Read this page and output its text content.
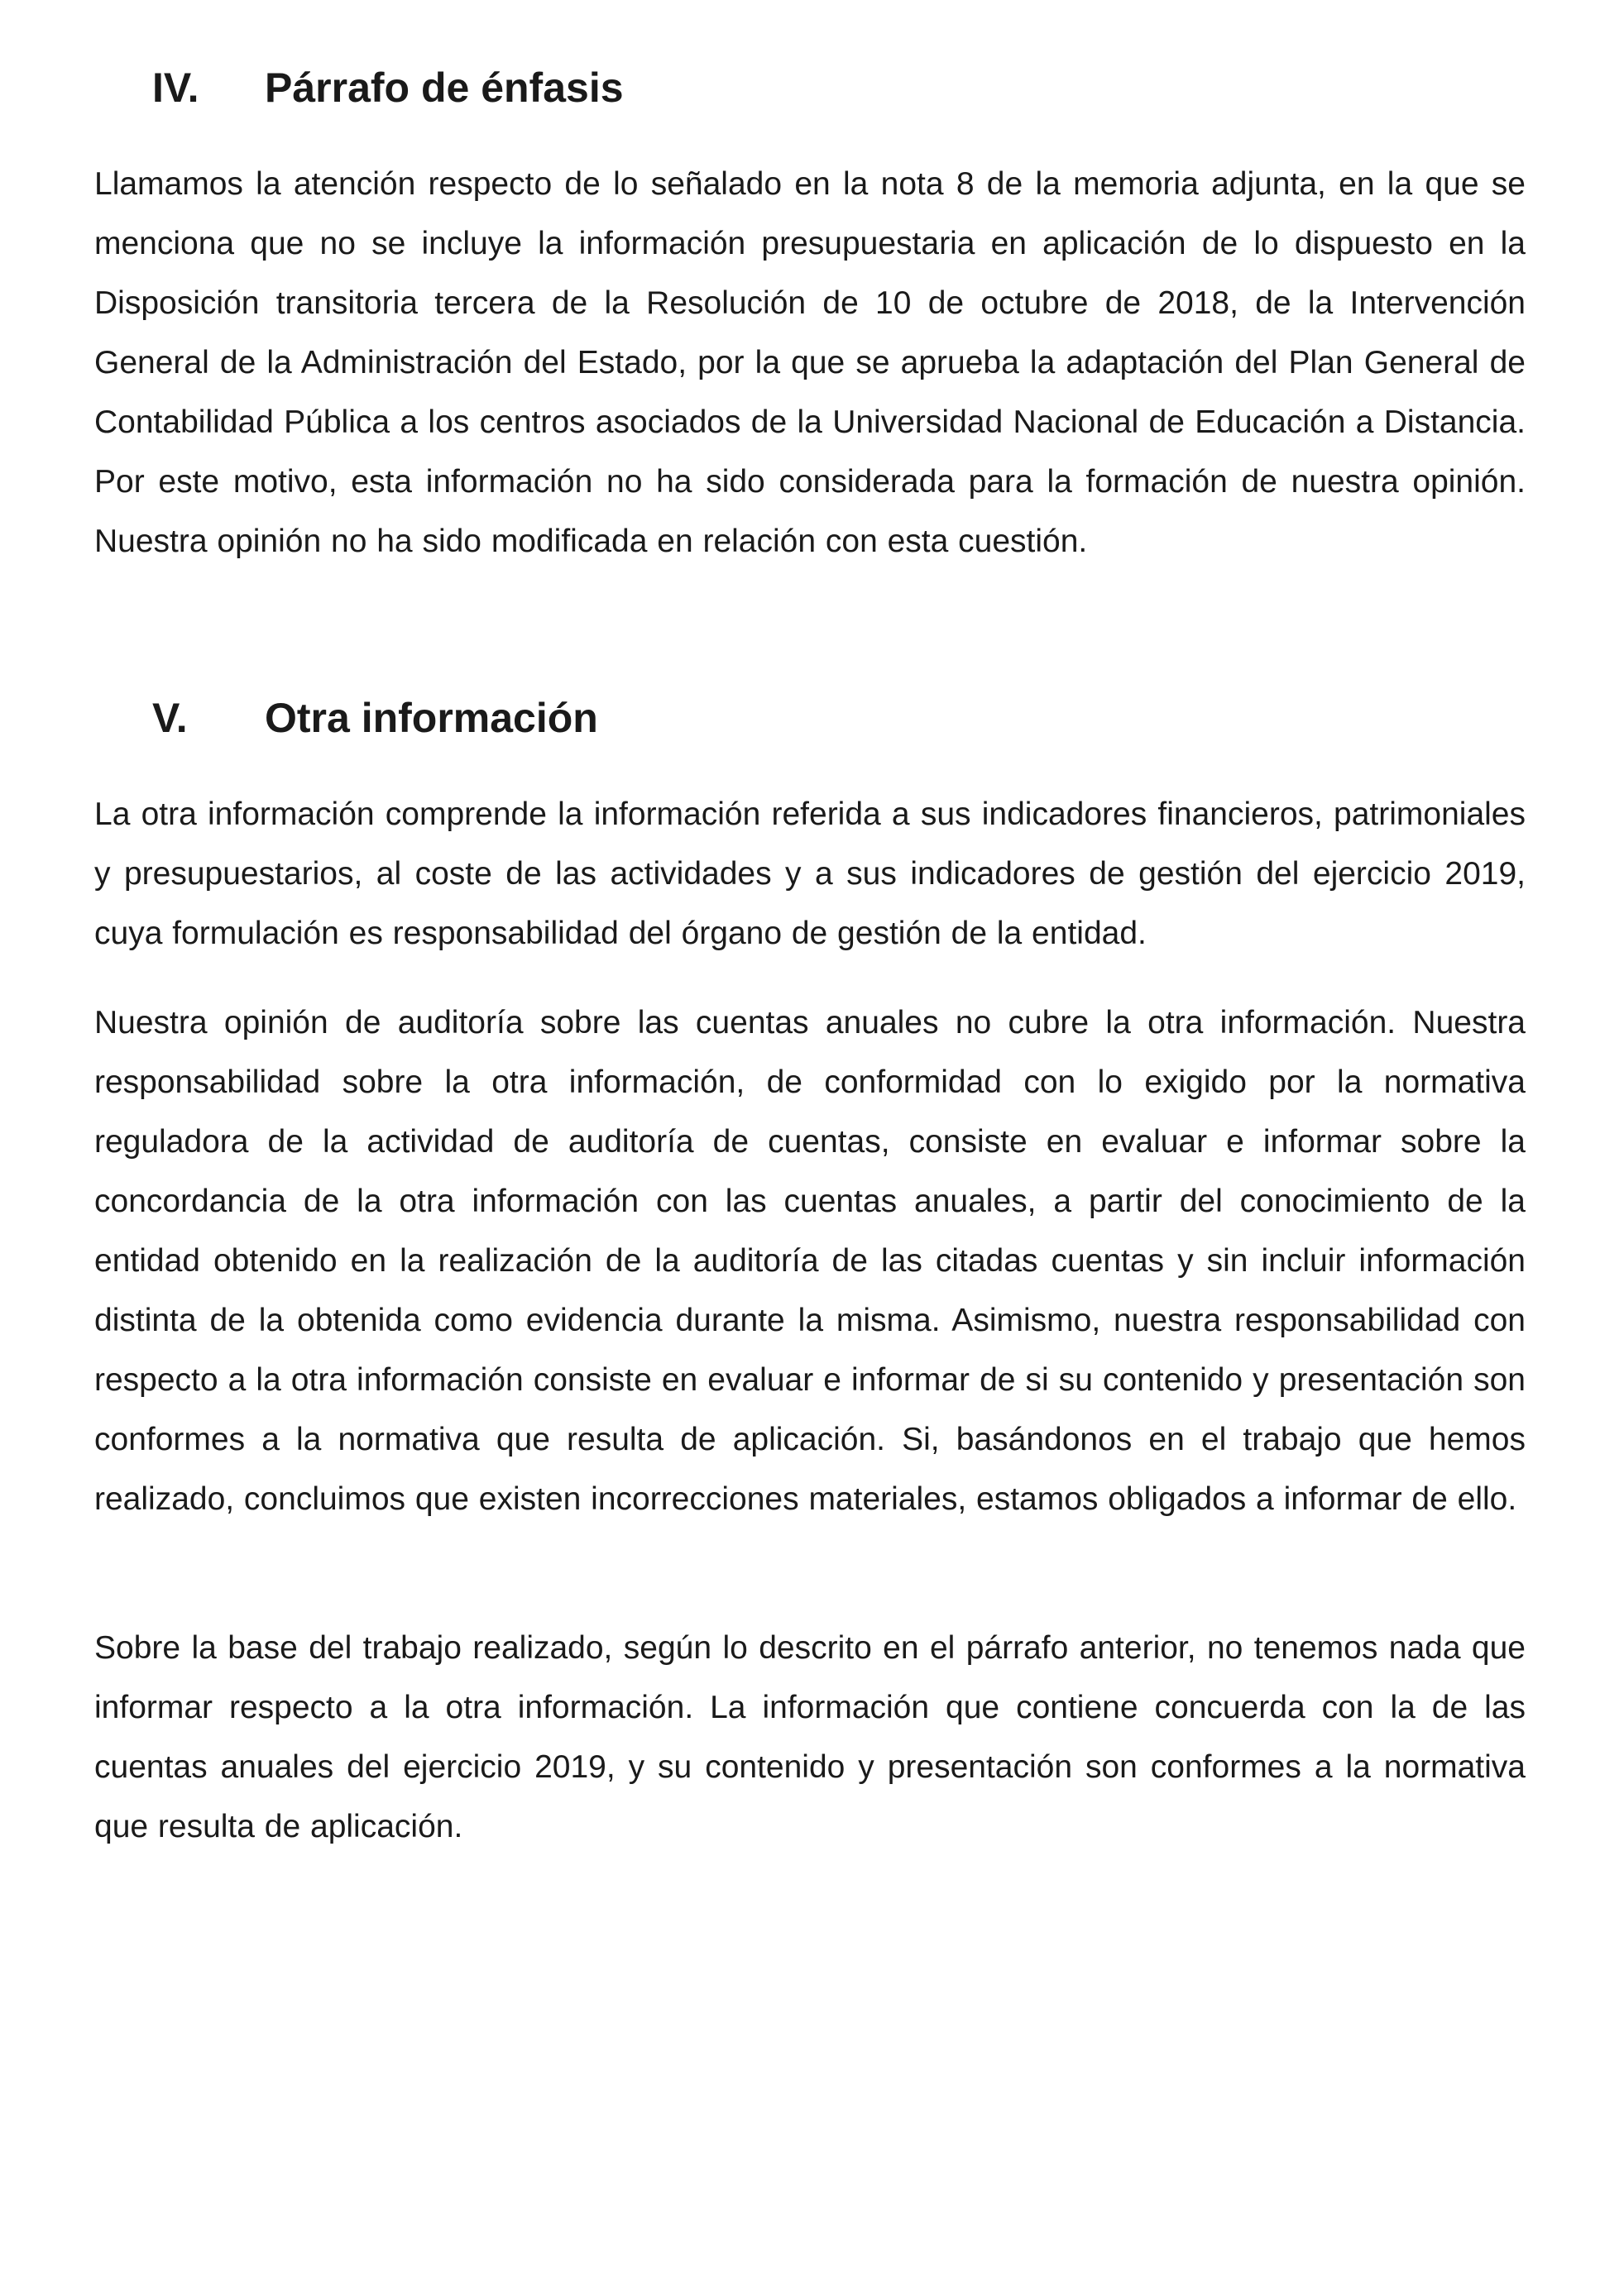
IV.	Párrafo de énfasis

Llamamos la atención respecto de lo señalado en la nota 8 de la memoria adjunta, en la que se menciona que no se incluye la información presupuestaria en aplicación de lo dispuesto en la Disposición transitoria tercera de la Resolución de 10 de octubre de 2018, de la Intervención General de la Administración del Estado, por la que se aprueba la adaptación del Plan General de Contabilidad Pública a los centros asociados de la Universidad Nacional de Educación a Distancia. Por este motivo, esta información no ha sido considerada para la formación de nuestra opinión. Nuestra opinión no ha sido modificada en relación con esta cuestión.

V.	Otra información

La otra información comprende la información referida a sus indicadores financieros, patrimoniales y presupuestarios, al coste de las actividades y a sus indicadores de gestión del ejercicio 2019, cuya formulación es responsabilidad del órgano de gestión de la entidad.

Nuestra opinión de auditoría sobre las cuentas anuales no cubre la otra información. Nuestra responsabilidad sobre la otra información, de conformidad con lo exigido por la normativa reguladora de la actividad de auditoría de cuentas, consiste en evaluar e informar sobre la concordancia de la otra información con las cuentas anuales, a partir del conocimiento de la entidad obtenido en la realización de la auditoría de las citadas cuentas y sin incluir información distinta de la obtenida como evidencia durante la misma. Asimismo, nuestra responsabilidad con respecto a la otra información consiste en evaluar e informar de si su contenido y presentación son conformes a la normativa que resulta de aplicación. Si, basándonos en el trabajo que hemos realizado, concluimos que existen incorrecciones materiales, estamos obligados a informar de ello.

Sobre la base del trabajo realizado, según lo descrito en el párrafo anterior, no tenemos nada que informar respecto a la otra información. La información que contiene concuerda con la de las cuentas anuales del ejercicio 2019, y su contenido y presentación son conformes a la normativa que resulta de aplicación.
